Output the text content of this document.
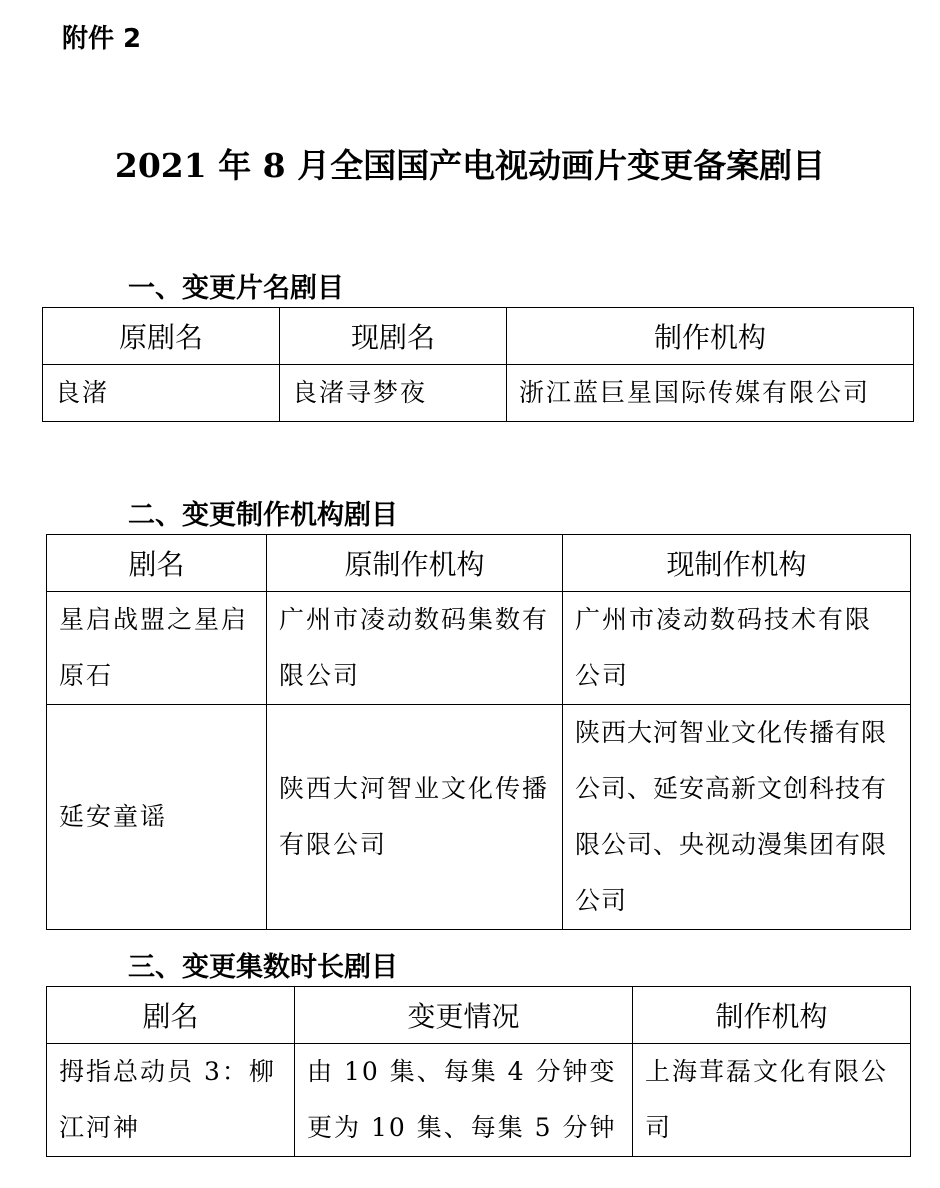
附件 2
2021 年 8 月全国国产电视动画片变更备案剧目
一、变更片名剧目
原剧名	现剧名	制作机构
良渚	良渚寻梦夜	浙江蓝巨星国际传媒有限公司
二、变更制作机构剧目
剧名	原制作机构	现制作机构
星启战盟之星启原石	广州市凌动数码集数有限公司	广州市凌动数码技术有限公司
延安童谣	陕西大河智业文化传播有限公司	陕西大河智业文化传播有限公司、延安高新文创科技有限公司、央视动漫集团有限公司
三、变更集数时长剧目
剧名	变更情况	制作机构
拇指总动员 3：柳江河神	由 10 集、每集 4 分钟变更为 10 集、每集 5 分钟	上海茸磊文化有限公司
